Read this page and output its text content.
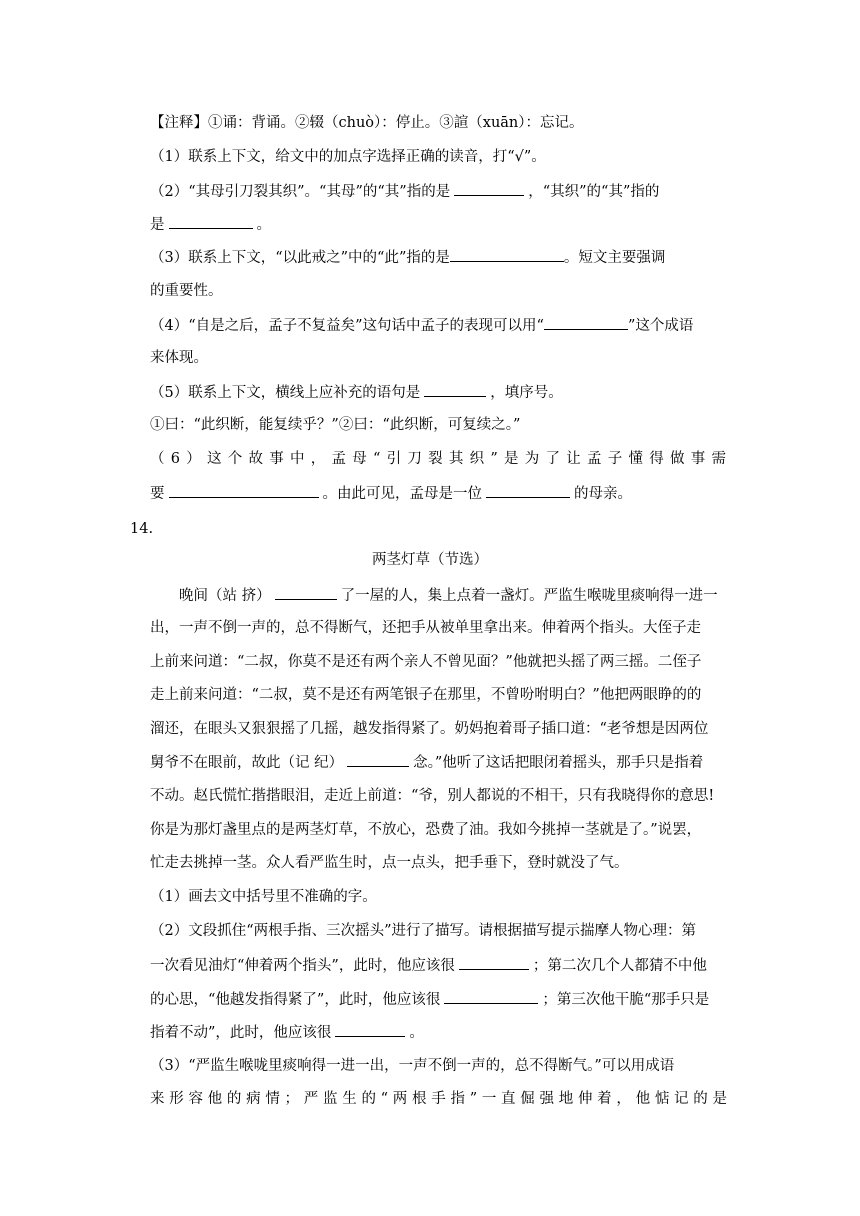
【注释】①诵：背诵。②辍（chuò）：停止。③諠（xuān）：忘记。
（1）联系上下文，给文中的加点字选择正确的读音，打“√”。
（2）“其母引刀裂其织”。“其母”的“其”指的是	，“其织”的“其”指的
是	。
（3）联系上下文，“以此戒之”中的“此”指的是	。短文主要强调
的重要性。
（4）“自是之后，孟子不复益矣”这句话中孟子的表现可以用“	”这个成语
来体现。
（5）联系上下文，横线上应补充的语句是	，填序号。
①曰：“此织断，能复续乎？”②曰：“此织断，可复续之。”
（6）这个故事中，孟母“引刀裂其织”是为了让孟子懂得做事需
要	。由此可见，孟母是一位	的母亲。
14.
两茎灯草（节选）
晚间（站 挤）	了一屋的人，集上点着一盏灯。严监生喉咙里痰响得一进一
出，一声不倒一声的，总不得断气，还把手从被单里拿出来。伸着两个指头。大侄子走
上前来问道：“二叔，你莫不是还有两个亲人不曾见面？”他就把头摇了两三摇。二侄子
走上前来问道：“二叔，莫不是还有两笔银子在那里，不曾吩咐明白？”他把两眼睁的的
溜还，在眼头又狠狠摇了几摇，越发指得紧了。奶妈抱着哥子插口道：“老爷想是因两位
舅爷不在眼前，故此（记 纪）	念。”他听了这话把眼闭着摇头，那手只是指着
不动。赵氏慌忙揩揩眼泪，走近上前道：“爷，别人都说的不相干，只有我晓得你的意思!
你是为那灯盏里点的是两茎灯草，不放心，恐费了油。我如今挑掉一茎就是了。”说罢，
忙走去挑掉一茎。众人看严监生时，点一点头，把手垂下，登时就没了气。
（1）画去文中括号里不准确的字。
（2）文段抓住“两根手指、三次摇头”进行了描写。请根据描写提示揣摩人物心理：第
一次看见油灯“伸着两个指头”，此时，他应该很	；第二次几个人都猜不中他
的心思，“他越发指得紧了”，此时，他应该很	；第三次他干脆“那手只是
指着不动”，此时，他应该很	。
（3）“严监生喉咙里痰响得一进一出，一声不倒一声的，总不得断气。”可以用成语
来形容他的病情；严监生的“两根手指”一直倔强地伸着，他惦记的是
